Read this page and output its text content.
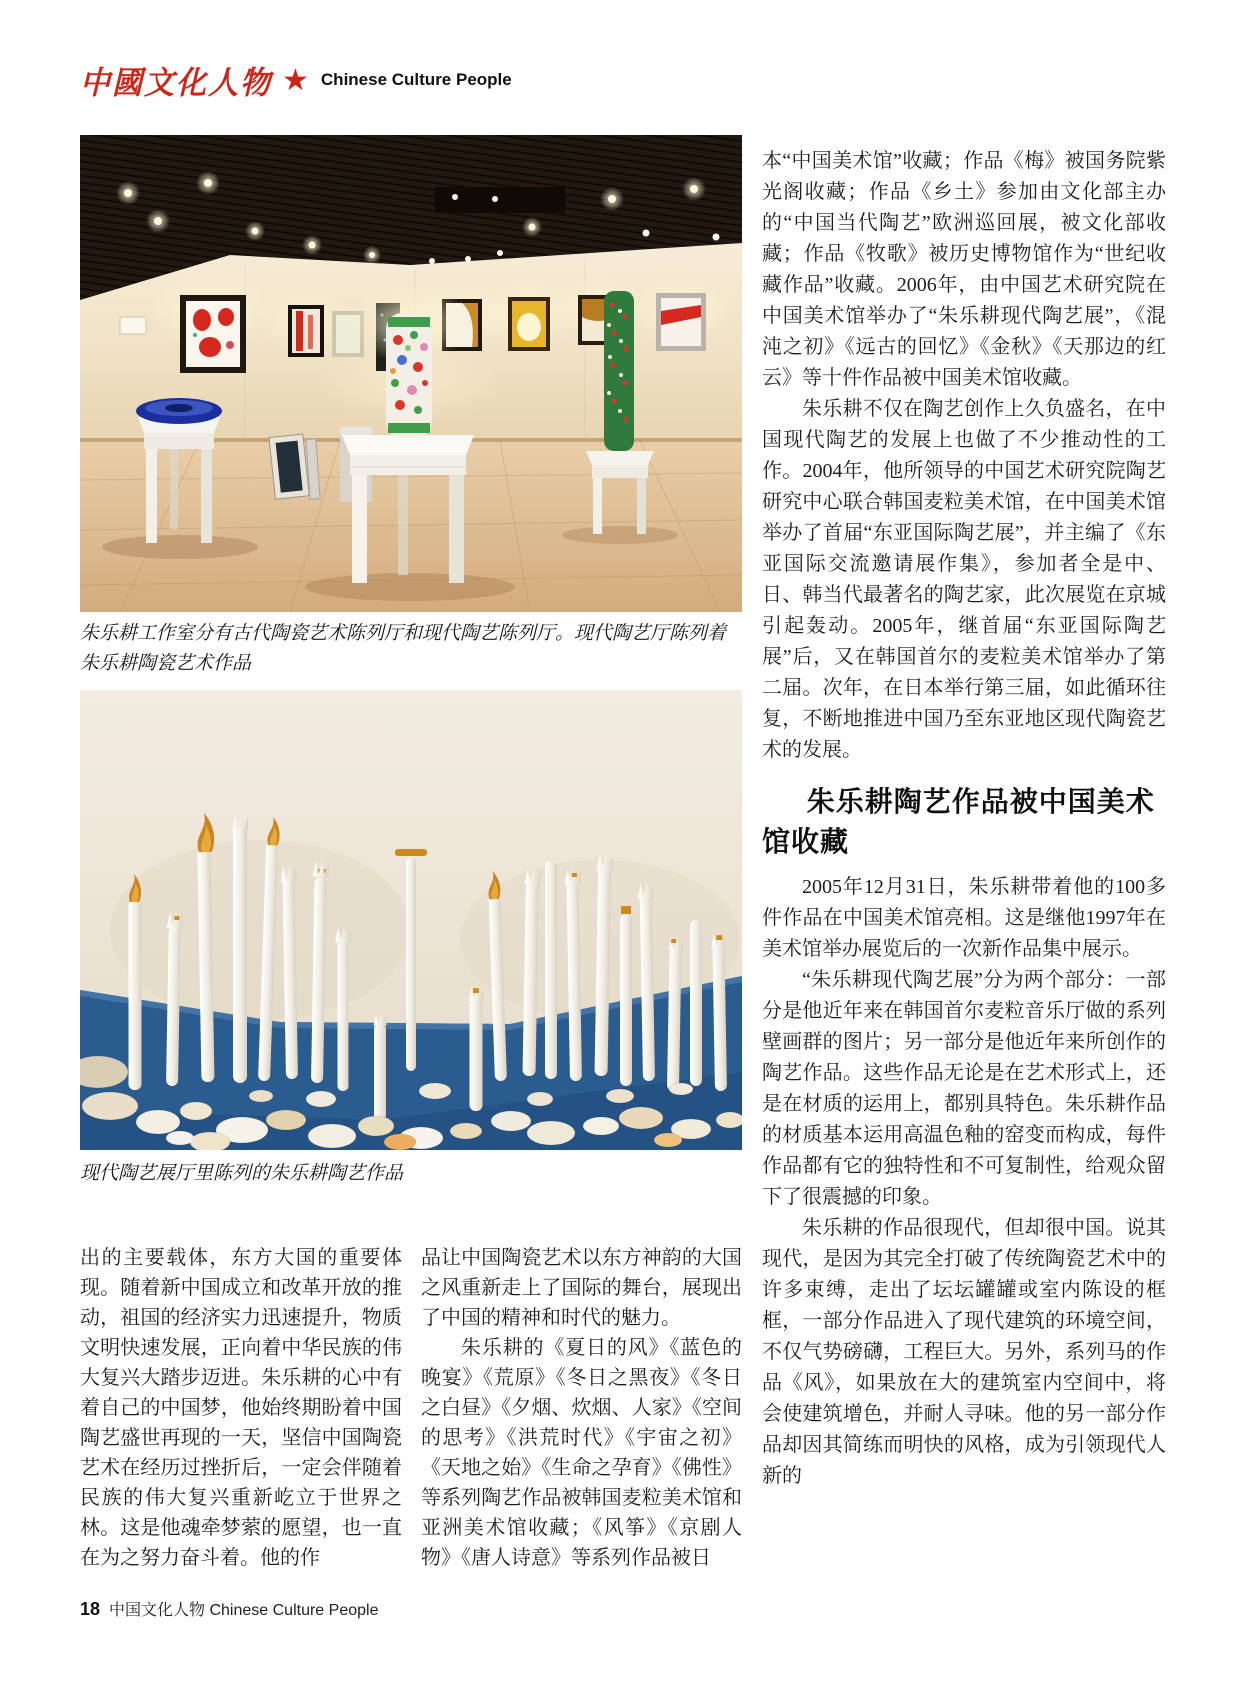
中國文化人物 ★ Chinese Culture People
朱乐耕工作室分有古代陶瓷艺术陈列厅和现代陶艺陈列厅。现代陶艺厅陈列着朱乐耕陶瓷艺术作品
现代陶艺展厅里陈列的朱乐耕陶艺作品

出的主要载体，东方大国的重要体现。随着新中国成立和改革开放的推动，祖国的经济实力迅速提升，物质文明快速发展，正向着中华民族的伟大复兴大踏步迈进。朱乐耕的心中有着自己的中国梦，他始终期盼着中国陶艺盛世再现的一天，坚信中国陶瓷艺术在经历过挫折后，一定会伴随着民族的伟大复兴重新屹立于世界之林。这是他魂牵梦萦的愿望，也一直在为之努力奋斗着。他的作

品让中国陶瓷艺术以东方神韵的大国之风重新走上了国际的舞台，展现出了中国的精神和时代的魅力。

朱乐耕的《夏日的风》《蓝色的晚宴》《荒原》《冬日之黑夜》《冬日之白昼》《夕烟、炊烟、人家》《空间的思考》《洪荒时代》《宇宙之初》《天地之始》《生命之孕育》《佛性》等系列陶艺作品被韩国麦粒美术馆和亚洲美术馆收藏；《风筝》《京剧人物》《唐人诗意》等系列作品被日

本“中国美术馆”收藏；作品《梅》被国务院紫光阁收藏；作品《乡土》参加由文化部主办的“中国当代陶艺”欧洲巡回展，被文化部收藏；作品《牧歌》被历史博物馆作为“世纪收藏作品”收藏。2006年，由中国艺术研究院在中国美术馆举办了“朱乐耕现代陶艺展”，《混沌之初》《远古的回忆》《金秋》《天那边的红云》等十件作品被中国美术馆收藏。

朱乐耕不仅在陶艺创作上久负盛名，在中国现代陶艺的发展上也做了不少推动性的工作。2004年，他所领导的中国艺术研究院陶艺研究中心联合韩国麦粒美术馆，在中国美术馆举办了首届“东亚国际陶艺展”，并主编了《东亚国际交流邀请展作集》，参加者全是中、日、韩当代最著名的陶艺家，此次展览在京城引起轰动。2005年，继首届“东亚国际陶艺展”后，又在韩国首尔的麦粒美术馆举办了第二届。次年，在日本举行第三届，如此循环往复，不断地推进中国乃至东亚地区现代陶瓷艺术的发展。

朱乐耕陶艺作品被中国美术馆收藏

2005年12月31日，朱乐耕带着他的100多件作品在中国美术馆亮相。这是继他1997年在美术馆举办展览后的一次新作品集中展示。

“朱乐耕现代陶艺展”分为两个部分：一部分是他近年来在韩国首尔麦粒音乐厅做的系列壁画群的图片；另一部分是他近年来所创作的陶艺作品。这些作品无论是在艺术形式上，还是在材质的运用上，都别具特色。朱乐耕作品的材质基本运用高温色釉的窑变而构成，每件作品都有它的独特性和不可复制性，给观众留下了很震撼的印象。

朱乐耕的作品很现代，但却很中国。说其现代，是因为其完全打破了传统陶瓷艺术中的许多束缚，走出了坛坛罐罐或室内陈设的框框，一部分作品进入了现代建筑的环境空间，不仅气势磅礴，工程巨大。另外，系列马的作品《风》，如果放在大的建筑室内空间中，将会使建筑增色，并耐人寻味。他的另一部分作品却因其简练而明快的风格，成为引领现代人新的

18 中国文化人物 Chinese Culture People
